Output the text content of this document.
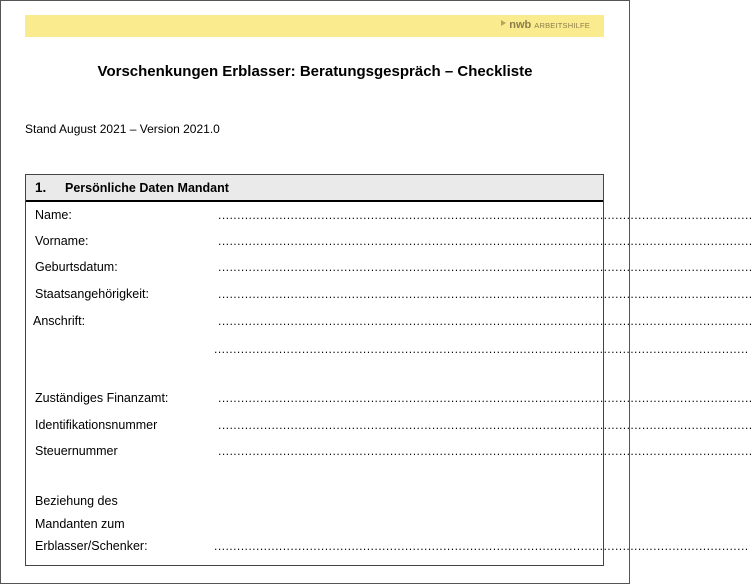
nwb ARBEITSHILFE
Vorschenkungen Erblasser: Beratungsgespräch – Checkliste
Stand August 2021 – Version 2021.0
1.	Persönliche Daten Mandant
Name:	............................................................................................................................................
Vorname:	............................................................................................................................................
Geburtsdatum:	............................................................................................................................................
Staatsangehörigkeit:	............................................................................................................................................
Anschrift:	............................................................................................................................................
............................................................................................................................................
Zuständiges Finanzamt:	............................................................................................................................................
Identifikationsnummer	............................................................................................................................................
Steuernummer	............................................................................................................................................
Beziehung des
Mandanten zum
Erblasser/Schenker:	............................................................................................................................................
